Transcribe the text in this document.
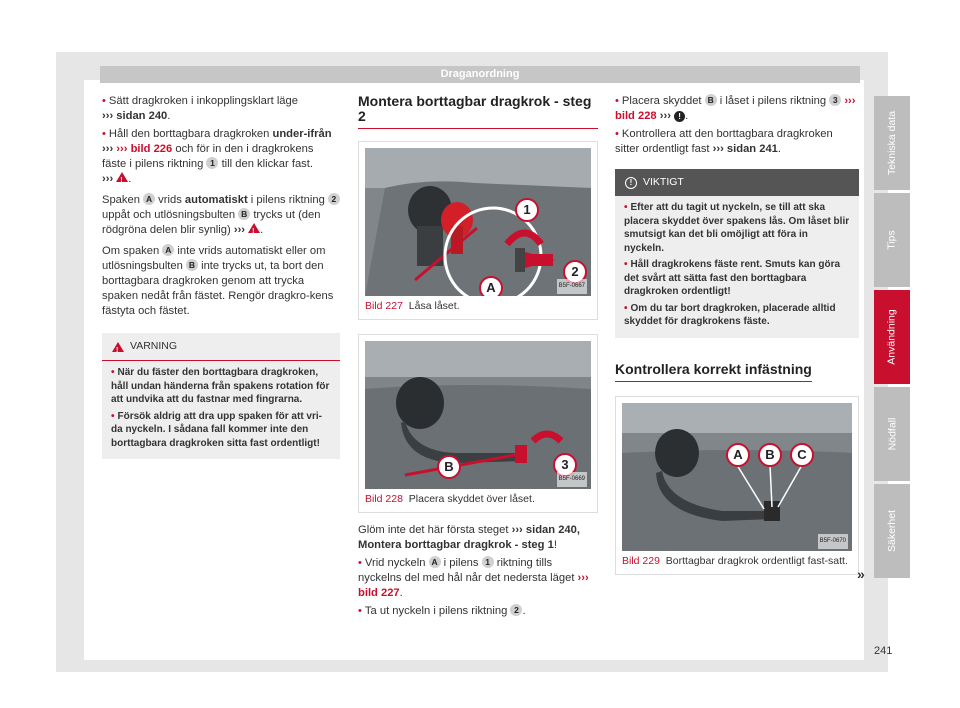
Draganordning

• Sätt dragkroken i inkopplingsklart läge
››› sidan 240.

• Håll den borttagbara dragkroken under-ifrån ››› ››› bild 226 och för in den i dragkrokens fäste i pilens riktning 1 till den klickar fast.
››› ! .

Spaken A vrids automatiskt i pilens riktning 2 uppåt och utlösningsbulten B trycks ut (den rödgröna delen blir synlig) ››› ! .

Om spaken A inte vrids automatiskt eller om utlösningsbulten B inte trycks ut, ta bort den borttagbara dragkroken genom att trycka spaken nedåt från fästet. Rengör dragkro-kens fästyta och fästet.

!
VARNING

• När du fäster den borttagbara dragkroken, håll undan händerna från spakens rotation för att undvika att du fastnar med fingrarna.

• Försök aldrig att dra upp spaken för att vri-da nyckeln. I sådana fall kommer inte den borttagbara dragkroken sitta fast ordentligt!

Montera borttagbar dragkrok - steg 2
1
2
A	B5F-0667
Bild 227 Låsa låset.
B	3
B5F-0669
Bild 228 Placera skyddet över låset.

Glöm inte det här första steget ››› sidan 240, Montera borttagbar dragkrok - steg 1!

• Vrid nyckeln A i pilens 1 riktning tills nyckelns del med hål når det nedersta läget ››› bild 227.

• Ta ut nyckeln i pilens riktning 2 .

• Placera skyddet B i låset i pilens riktning 3 ››› bild 228 ››› ! .

• Kontrollera att den borttagbara dragkroken sitter ordentligt fast ››› sidan 241.

!	VIKTIGT

• Efter att du tagit ut nyckeln, se till att ska placera skyddet över spakens lås. Om låset blir smutsigt kan det bli omöjligt att föra in nyckeln.

• Håll dragkrokens fäste rent. Smuts kan göra det svårt att sätta fast den borttagbara dragkroken ordentligt!

• Om du tar bort dragkroken, placerade alltid skyddet för dragkrokens fäste.

Kontrollera korrekt infästning
A	B	C
B5F-0670
Bild 229 Borttagbar dragkrok ordentligt fast-satt.
»
Tekniska data
Tips
Användning
Nödfall
Säkerhet
241
